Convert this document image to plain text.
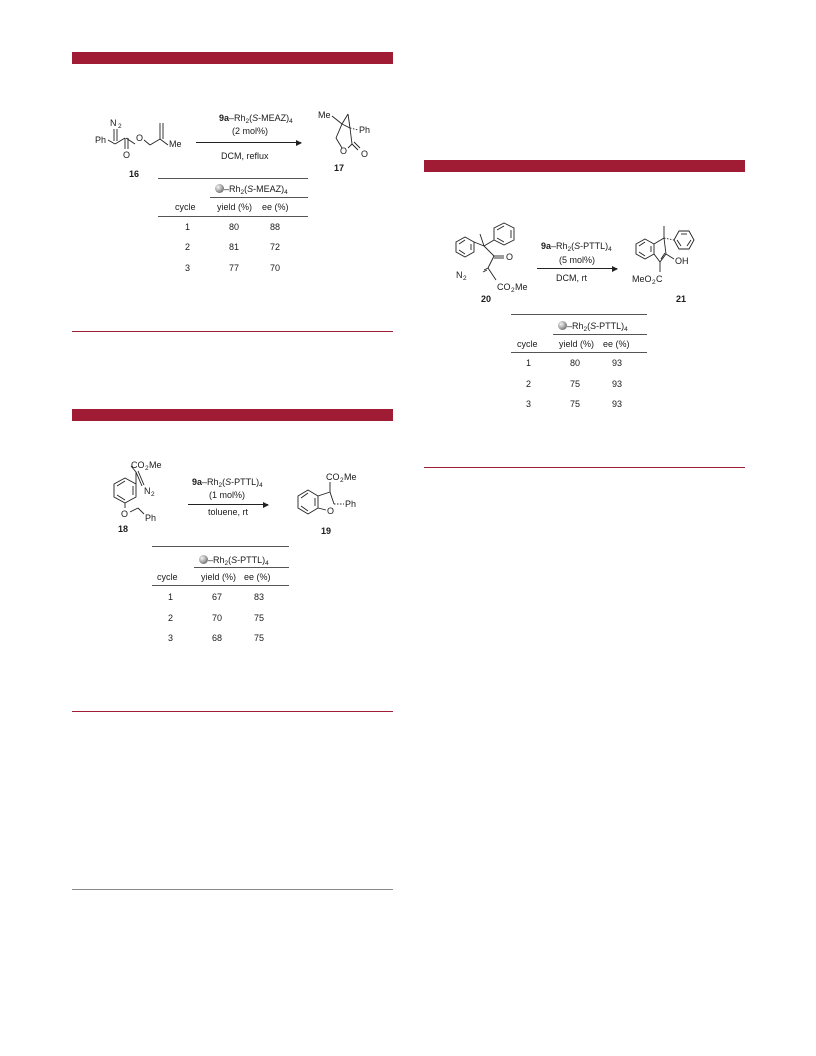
N 2
Ph
O
O
Me
16
$9a-Rh_2(S-MEAZ)_4$
(2 mol%)
DCM, reflux
Me
Ph
O O
17
$-Rh_2(S-MEAZ)_4$
cycle yield (%) ee (%)
1	80	88
2	81	72
3	77	70
CO 2 Me
N 2
O Ph
18
$9a-Rh_2(S-PTTL)_4$
(1 mol%)
toluene, rt	O
CO 2 Me
Ph
19
$-Rh_2(S-PTTL)_4$
cycle	yield (%) ee (%)
1	67	83
2	70	75
3	68	75
O
N 2
CO 2 Me
20
$9a-Rh_2(S-PTTL)_4$
(5 mol%)
DCM, rt
OH
MeO 2 C
21
$-Rh_2(S-PTTL)_4$
cycle yield (%) ee (%)
1	80	93
2	75	93
3	75	93
